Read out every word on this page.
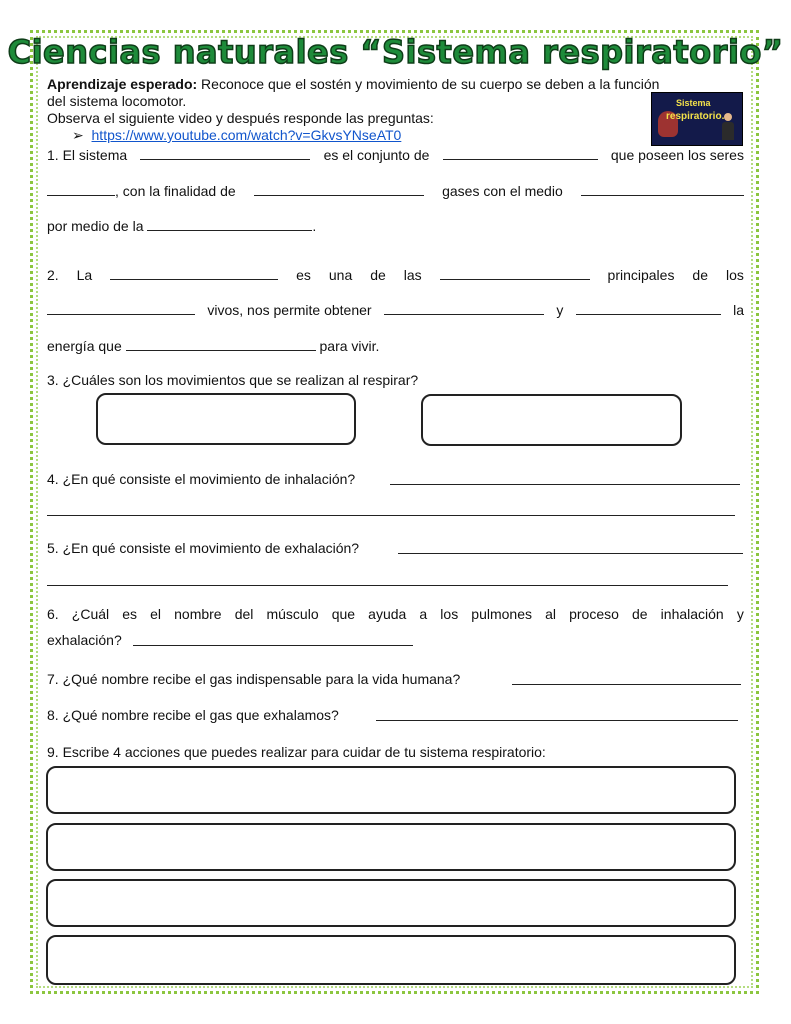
Ciencias naturales “Sistema respiratorio”
Aprendizaje esperado: Reconoce que el sostén y movimiento de su cuerpo se deben a la función
del sistema locomotor.
Observa el siguiente video y después responde las preguntas:
➢ https://www.youtube.com/watch?v=GkvsYNseAT0
Sistema
respiratorio.
1. El sistema	es el conjunto de	que poseen los seres
, con la finalidad de	gases con el medio
por medio de la	.
2. La	es una de las	principales de los
vivos, nos permite obtener	y	la
energía que	para vivir.
3. ¿Cuáles son los movimientos que se realizan al respirar?
4. ¿En qué consiste el movimiento de inhalación?
5. ¿En qué consiste el movimiento de exhalación?
6. ¿Cuál es el nombre del músculo que ayuda a los pulmones al proceso de inhalación y
exhalación?
7. ¿Qué nombre recibe el gas indispensable para la vida humana?
8. ¿Qué nombre recibe el gas que exhalamos?
9. Escribe 4 acciones que puedes realizar para cuidar de tu sistema respiratorio:
